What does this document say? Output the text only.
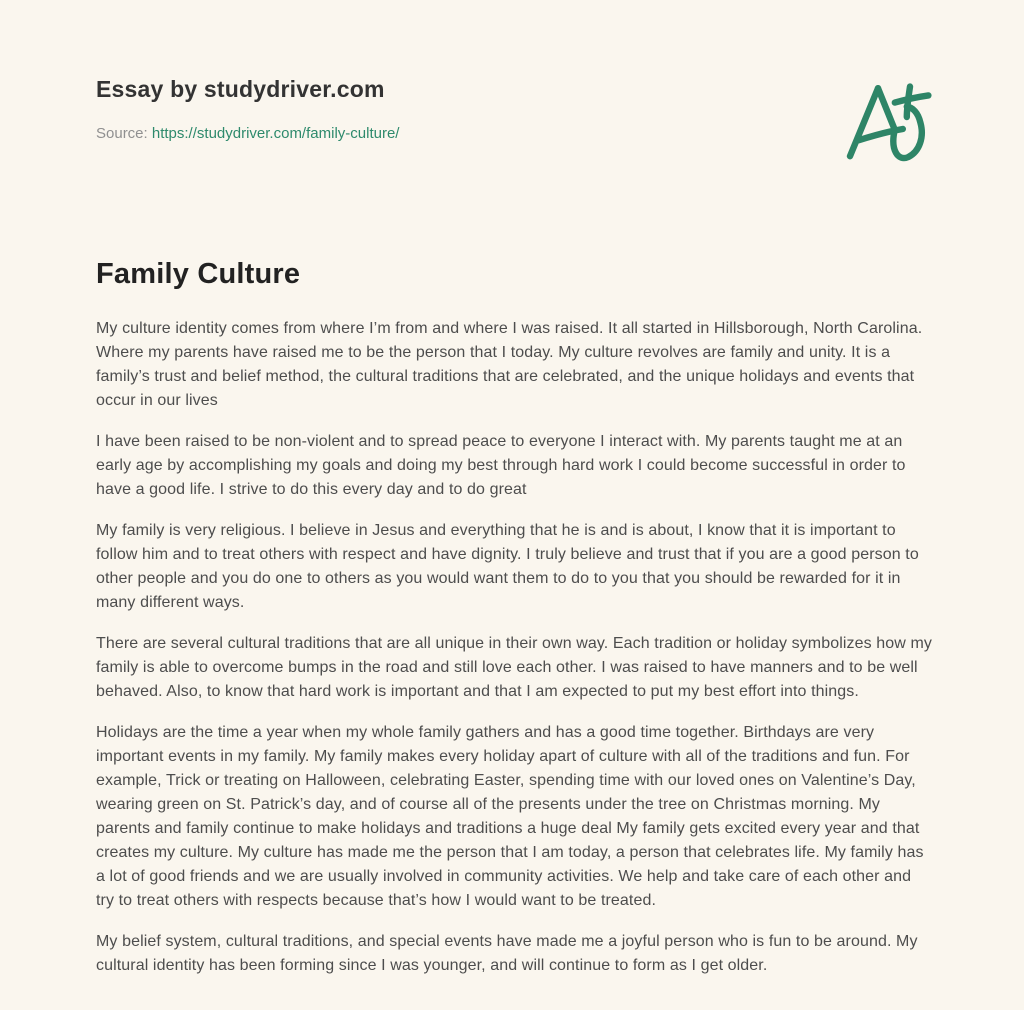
Essay by studydriver.com
Source: https://studydriver.com/family-culture/
Family Culture

My culture identity comes from where I’m from and where I was raised. It all started in Hillsborough, North Carolina. Where my parents have raised me to be the person that I today. My culture revolves are family and unity. It is a family’s trust and belief method, the cultural traditions that are celebrated, and the unique holidays and events that occur in our lives

I have been raised to be non-violent and to spread peace to everyone I interact with. My parents taught me at an early age by accomplishing my goals and doing my best through hard work I could become successful in order to have a good life. I strive to do this every day and to do great

My family is very religious. I believe in Jesus and everything that he is and is about, I know that it is important to follow him and to treat others with respect and have dignity. I truly believe and trust that if you are a good person to other people and you do one to others as you would want them to do to you that you should be rewarded for it in many different ways.

There are several cultural traditions that are all unique in their own way. Each tradition or holiday symbolizes how my family is able to overcome bumps in the road and still love each other. I was raised to have manners and to be well behaved. Also, to know that hard work is important and that I am expected to put my best effort into things.

Holidays are the time a year when my whole family gathers and has a good time together. Birthdays are very important events in my family. My family makes every holiday apart of culture with all of the traditions and fun. For example, Trick or treating on Halloween, celebrating Easter, spending time with our loved ones on Valentine’s Day, wearing green on St. Patrick’s day, and of course all of the presents under the tree on Christmas morning. My parents and family continue to make holidays and traditions a huge deal My family gets excited every year and that creates my culture. My culture has made me the person that I am today, a person that celebrates life. My family has a lot of good friends and we are usually involved in community activities. We help and take care of each other and try to treat others with respects because that’s how I would want to be treated.

My belief system, cultural traditions, and special events have made me a joyful person who is fun to be around. My cultural identity has been forming since I was younger, and will continue to form as I get older.
